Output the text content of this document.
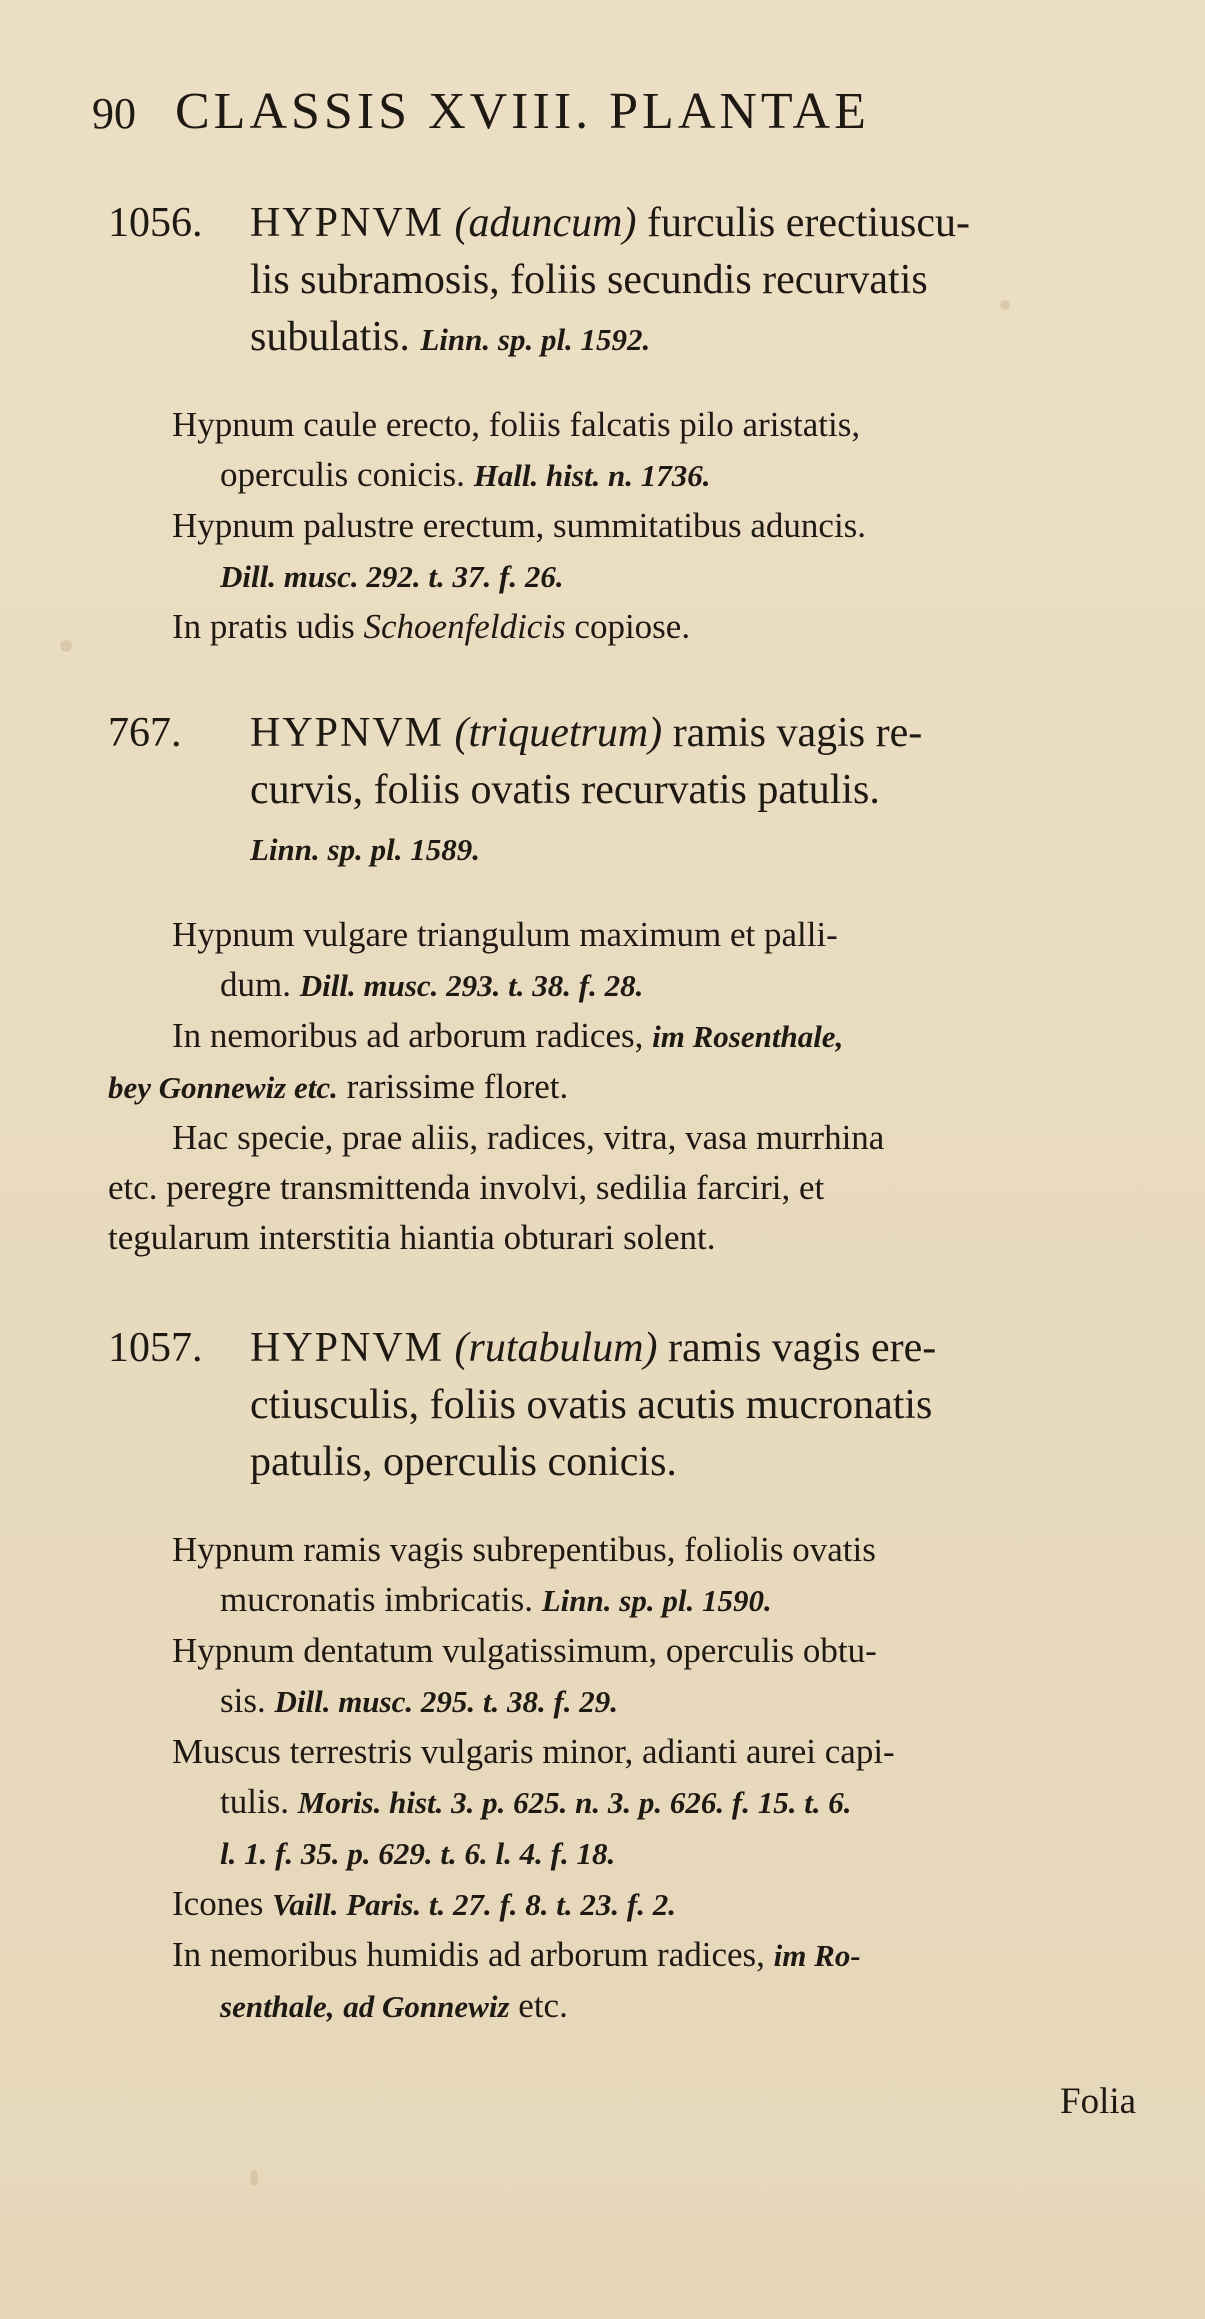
90 CLASSIS XVIII. PLANTAE
1056. HYPNVM (aduncum) furculis erectiuscu-
lis subramosis, foliis secundis recurvatis
subulatis. Linn. sp. pl. 1592.
Hypnum caule erecto, foliis falcatis pilo aristatis,
operculis conicis. Hall. hist. n. 1736.
Hypnum palustre erectum, summitatibus aduncis.
Dill. musc. 292. t. 37. f. 26.
In pratis udis Schoenfeldicis copiose.
767. HYPNVM (triquetrum) ramis vagis re-
curvis, foliis ovatis recurvatis patulis.
Linn. sp. pl. 1589.
Hypnum vulgare triangulum maximum et palli-
dum. Dill. musc. 293. t. 38. f. 28.
In nemoribus ad arborum radices, im Rosenthale,
bey Gonnewiz etc. rarissime floret.
Hac specie, prae aliis, radices, vitra, vasa murrhina
etc. peregre transmittenda involvi, sedilia farciri, et
tegularum interstitia hiantia obturari solent.
1057. HYPNVM (rutabulum) ramis vagis ere-
ctiusculis, foliis ovatis acutis mucronatis
patulis, operculis conicis.
Hypnum ramis vagis subrepentibus, foliolis ovatis
mucronatis imbricatis. Linn. sp. pl. 1590.
Hypnum dentatum vulgatissimum, operculis obtu-
sis. Dill. musc. 295. t. 38. f. 29.
Muscus terrestris vulgaris minor, adianti aurei capi-
tulis. Moris. hist. 3. p. 625. n. 3. p. 626. f. 15. t. 6.
l. 1. f. 35. p. 629. t. 6. l. 4. f. 18.
Icones Vaill. Paris. t. 27. f. 8. t. 23. f. 2.
In nemoribus humidis ad arborum radices, im Ro-
senthale, ad Gonnewiz etc.
Folia
